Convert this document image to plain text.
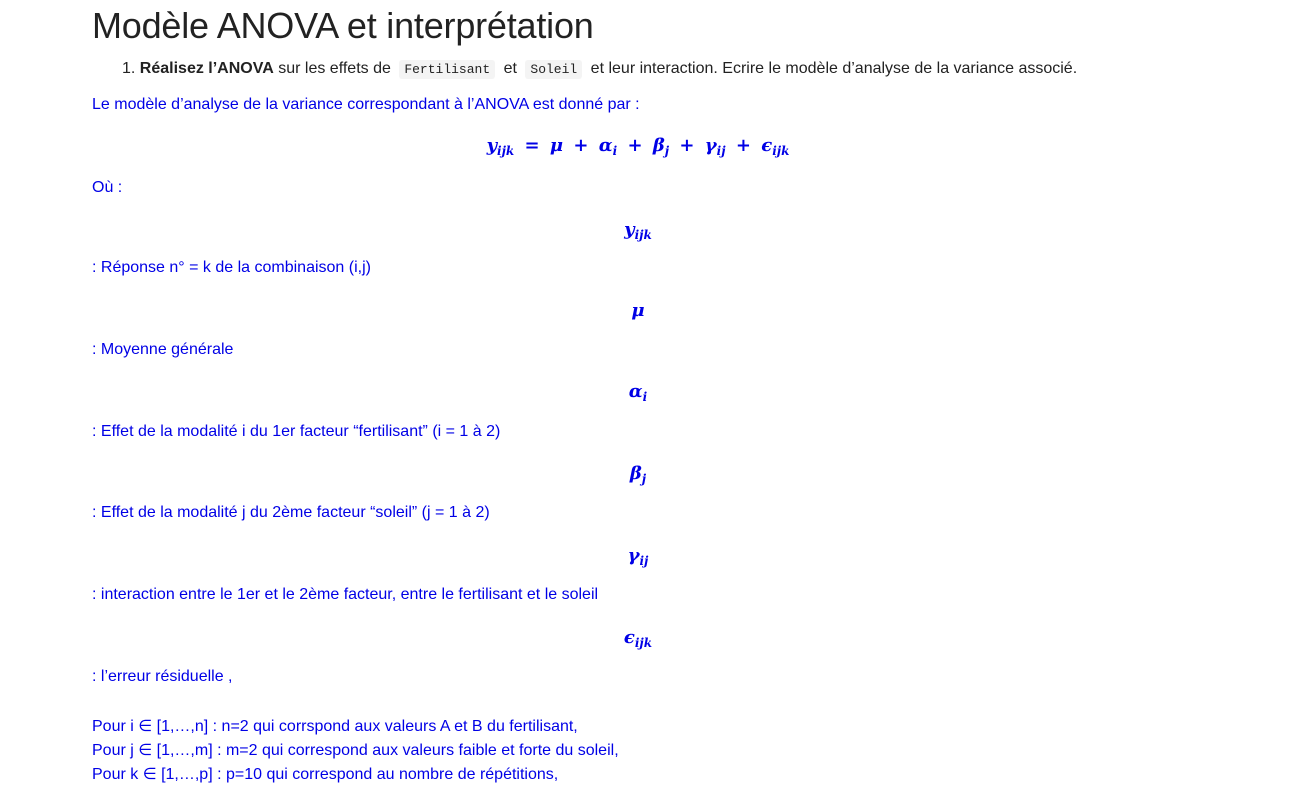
Modèle ANOVA et interprétation
1. Réalisez l’ANOVA sur les effets de Fertilisant et Soleil et leur interaction. Ecrire le modèle d’analyse de la variance associé.
Le modèle d’analyse de la variance correspondant à l’ANOVA est donné par :
$y_{ijk} = \mu + \alpha_i + \beta_j + \gamma_{ij} + \epsilon_{ijk}$
Où :
$y_{ijk}$
: Réponse n° = k de la combinaison (i,j)
μ
: Moyenne générale
$\alpha_i$
: Effet de la modalité i du 1er facteur “fertilisant” (i = 1 à 2)
$\beta_j$
: Effet de la modalité j du 2ème facteur “soleil” (j = 1 à 2)
$\gamma_{ij}$
: interaction entre le 1er et le 2ème facteur, entre le fertilisant et le soleil
$\epsilon_{ijk}$
: l’erreur résiduelle ,
Pour i ∈ [1,…,n] : n=2 qui corrspond aux valeurs A et B du fertilisant,
Pour j ∈ [1,…,m] : m=2 qui correspond aux valeurs faible et forte du soleil,
Pour k ∈ [1,…,p] : p=10 qui correspond au nombre de répétitions,
